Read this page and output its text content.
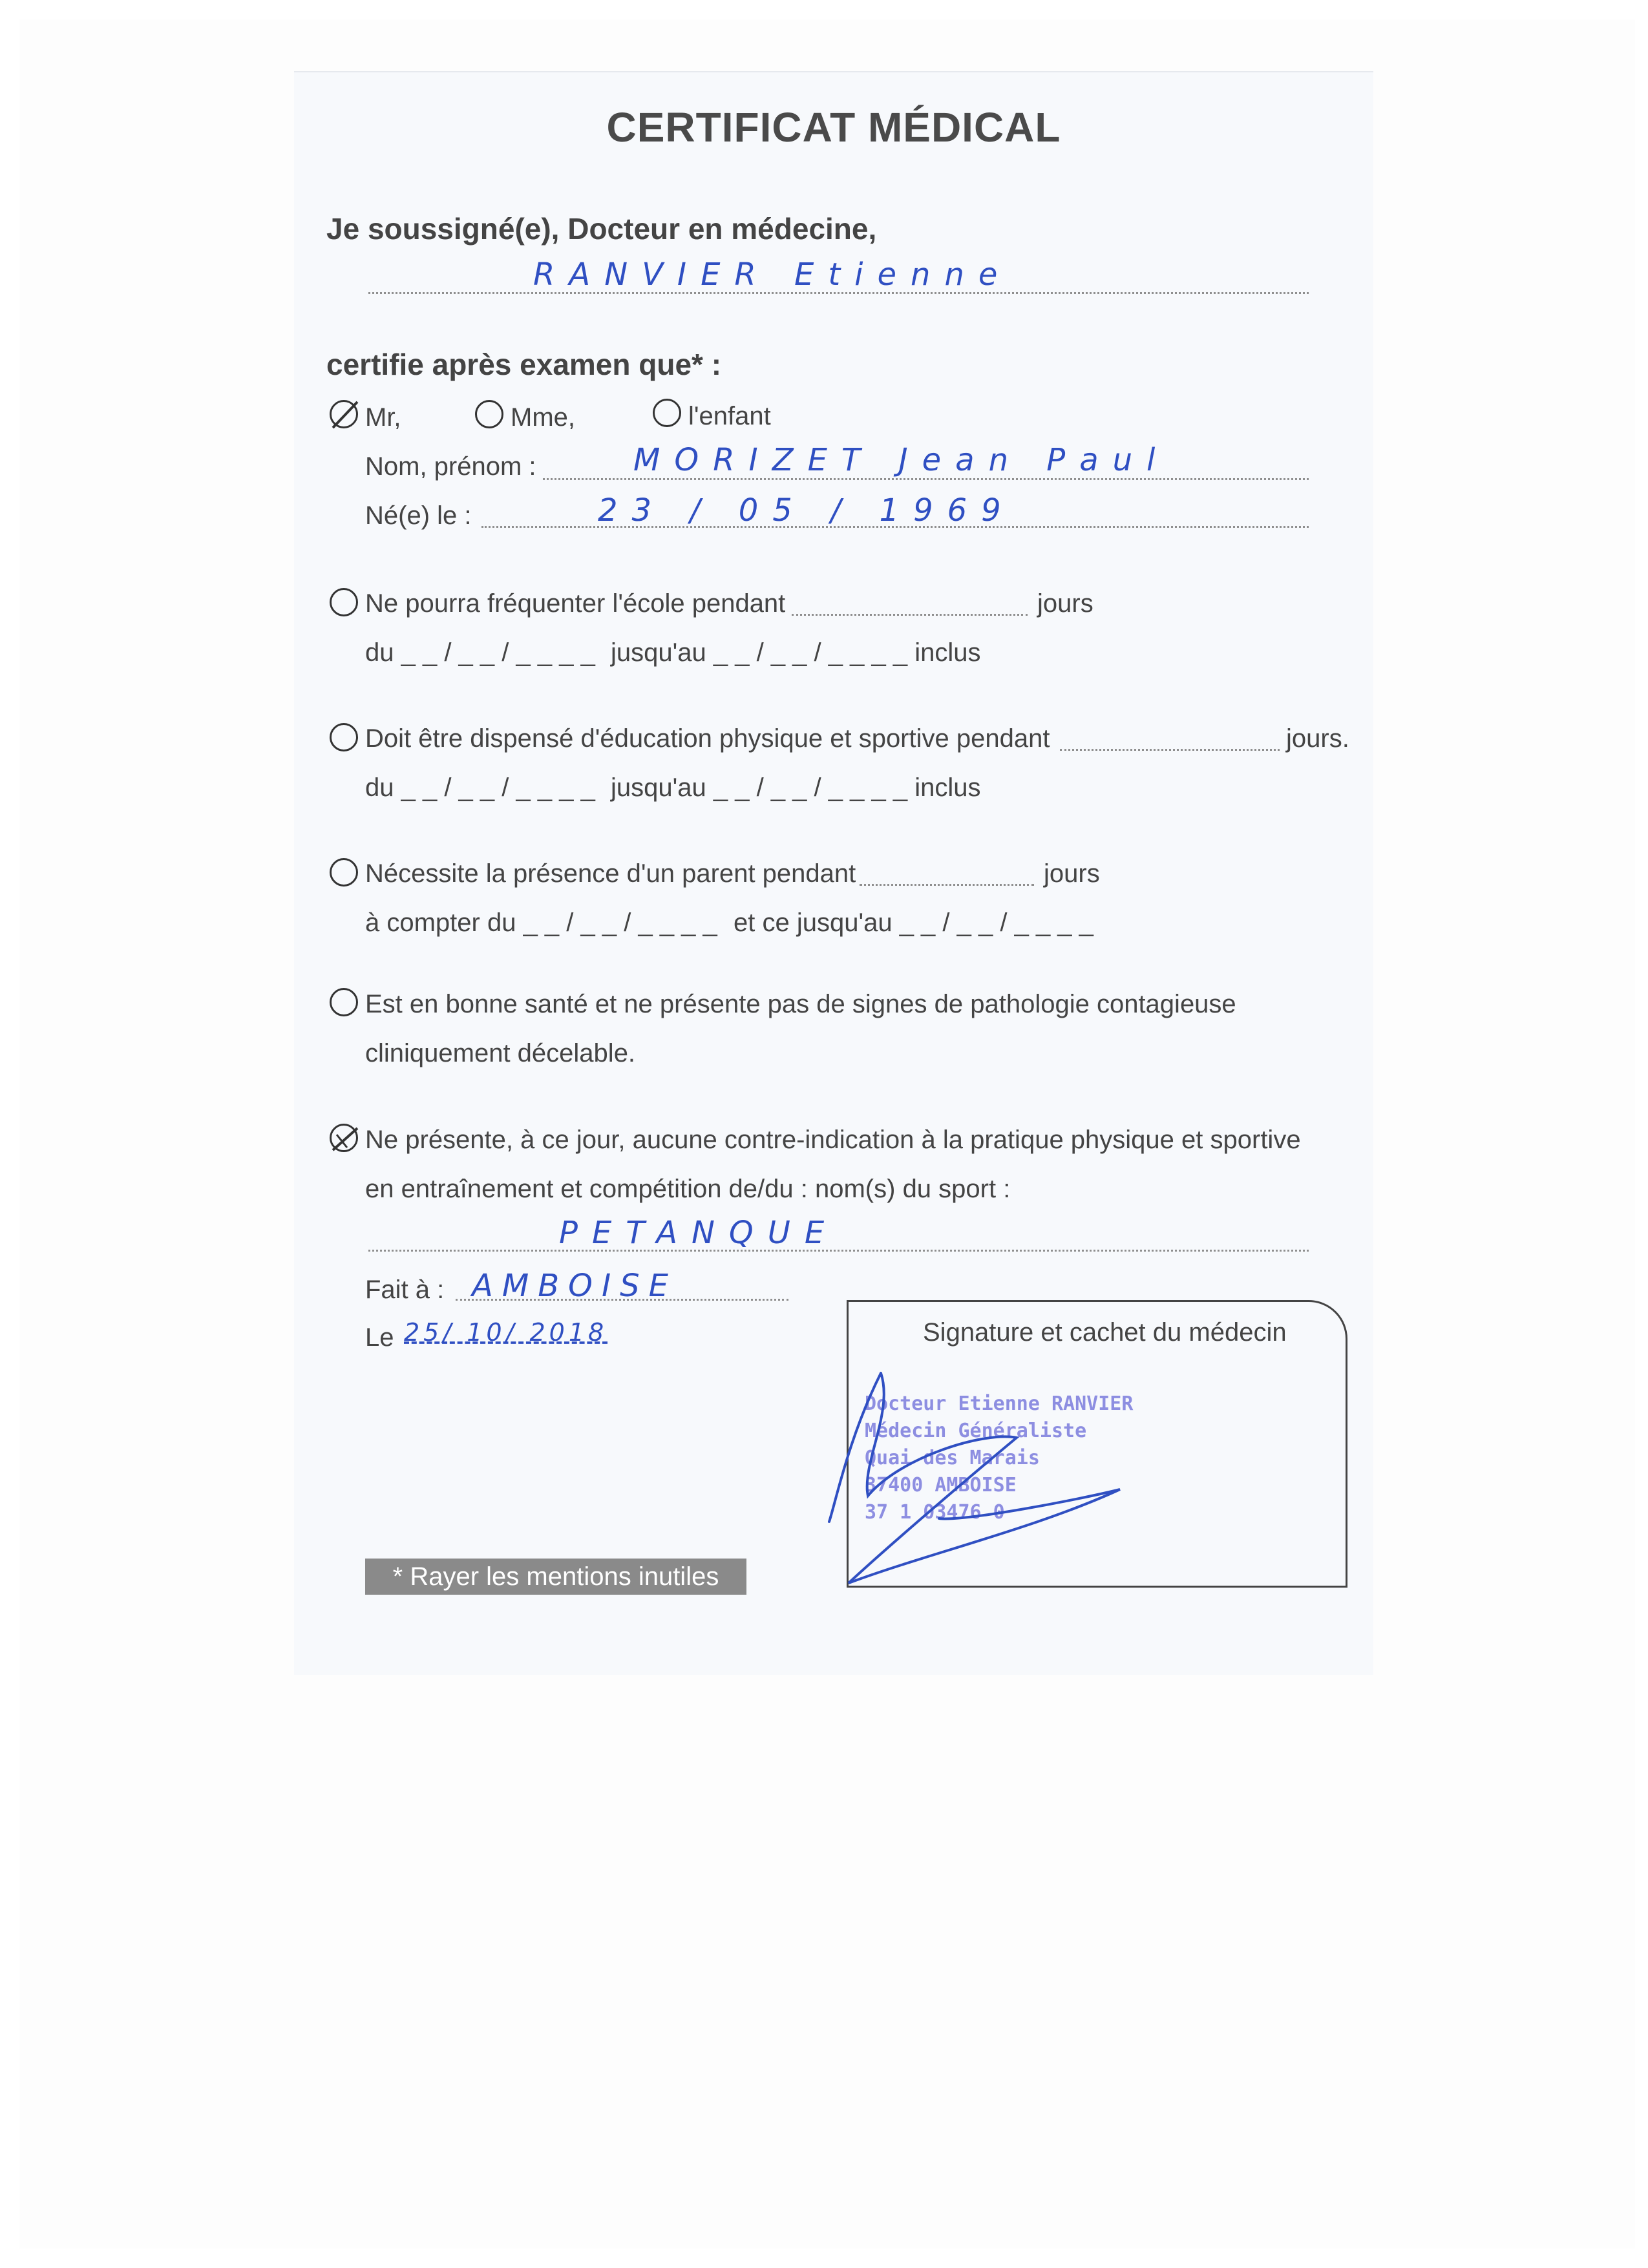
CERTIFICAT MÉDICAL
Je soussigné(e), Docteur en médecine,
RANVIER Etienne
certifie après examen que* :
Mr,	Mme,	l'enfant
Nom, prénom :	MORIZET Jean Paul
Né(e) le :	23 / 05 / 1969
Ne pourra fréquenter l'école pendant	jours
du _ _ / _ _ / _ _ _ _ jusqu'au _ _ / _ _ / _ _ _ _ inclus
Doit être dispensé d'éducation physique et sportive pendant	jours.
du _ _ / _ _ / _ _ _ _ jusqu'au _ _ / _ _ / _ _ _ _ inclus
Nécessite la présence d'un parent pendant	jours
à compter du _ _ / _ _ / _ _ _ _ et ce jusqu'au _ _ / _ _ / _ _ _ _
Est en bonne santé et ne présente pas de signes de pathologie contagieuse
cliniquement décelable.
Ne présente, à ce jour, aucune contre-indication à la pratique physique et sportive
en entraînement et compétition de/du : nom(s) du sport :
PETANQUE
Fait à : AMBOISE
Le 25/ 10/ 2018	Signature et cachet du médecin
Docteur Etienne RANVIER
Médecin Généraliste
Quai des Marais
37400 AMBOISE
37 1 03476 0
* Rayer les mentions inutiles
